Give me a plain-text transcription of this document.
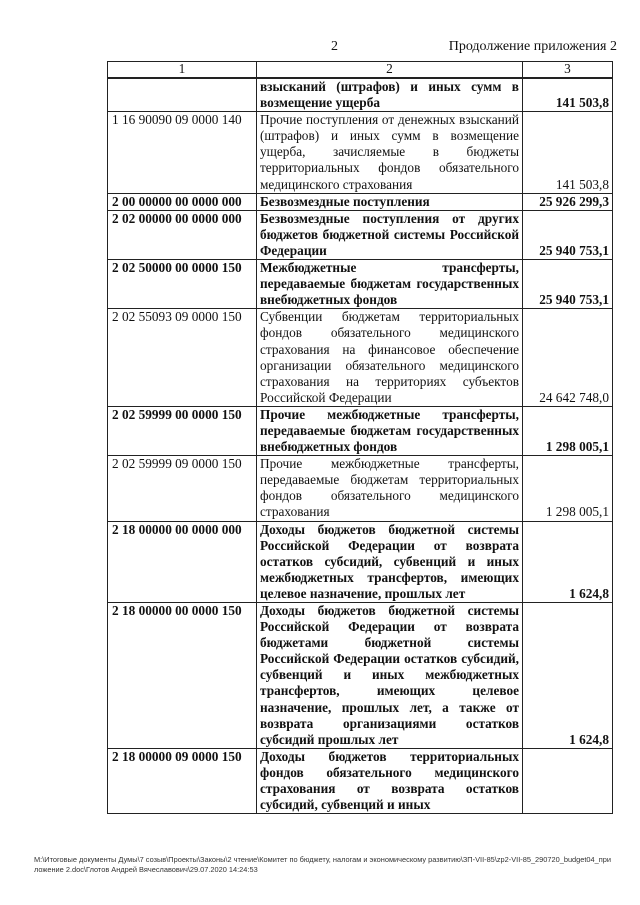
2	Продолжение приложения 2
1	2	3
	взысканий (штрафов) и иных сумм в возмещение ущерба	141 503,8
1 16 90090 09 0000 140	Прочие поступления от денежных взысканий (штрафов) и иных сумм в возмещение ущерба, зачисляемые в бюджеты территориальных фондов обязательного медицинского страхования	141 503,8
2 00 00000 00 0000 000	Безвозмездные поступления	25 926 299,3
2 02 00000 00 0000 000	Безвозмездные поступления от других бюджетов бюджетной системы Российской Федерации	25 940 753,1
2 02 50000 00 0000 150	Межбюджетные трансферты, передаваемые бюджетам государственных внебюджетных фондов	25 940 753,1
2 02 55093 09 0000 150	Субвенции бюджетам территориальных фондов обязательного медицинского страхования на финансовое обеспечение организации обязательного медицинского страхования на территориях субъектов Российской Федерации	24 642 748,0
2 02 59999 00 0000 150	Прочие межбюджетные трансферты, передаваемые бюджетам государственных внебюджетных фондов	1 298 005,1
2 02 59999 09 0000 150	Прочие межбюджетные трансферты, передаваемые бюджетам территориальных фондов обязательного медицинского страхования	1 298 005,1
2 18 00000 00 0000 000	Доходы бюджетов бюджетной системы Российской Федерации от возврата остатков субсидий, субвенций и иных межбюджетных трансфертов, имеющих целевое назначение, прошлых лет	1 624,8
2 18 00000 00 0000 150	Доходы бюджетов бюджетной системы Российской Федерации от возврата бюджетами бюджетной системы Российской Федерации остатков субсидий, субвенций и иных межбюджетных трансфертов, имеющих целевое назначение, прошлых лет, а также от возврата организациями остатков субсидий прошлых лет	1 624,8
2 18 00000 09 0000 150	Доходы бюджетов территориальных фондов обязательного медицинского страхования от возврата остатков субсидий, субвенций и иных	
M:\Итоговые документы Думы\7 созыв\Проекты\Законы\2 чтение\Комитет по бюджету, налогам и экономическому развитию\ЗП-VII-85\zp2-VII-85_290720_budget04_приложение 2.doc\Глотов Андрей Вячеславович\29.07.2020 14:24:53
